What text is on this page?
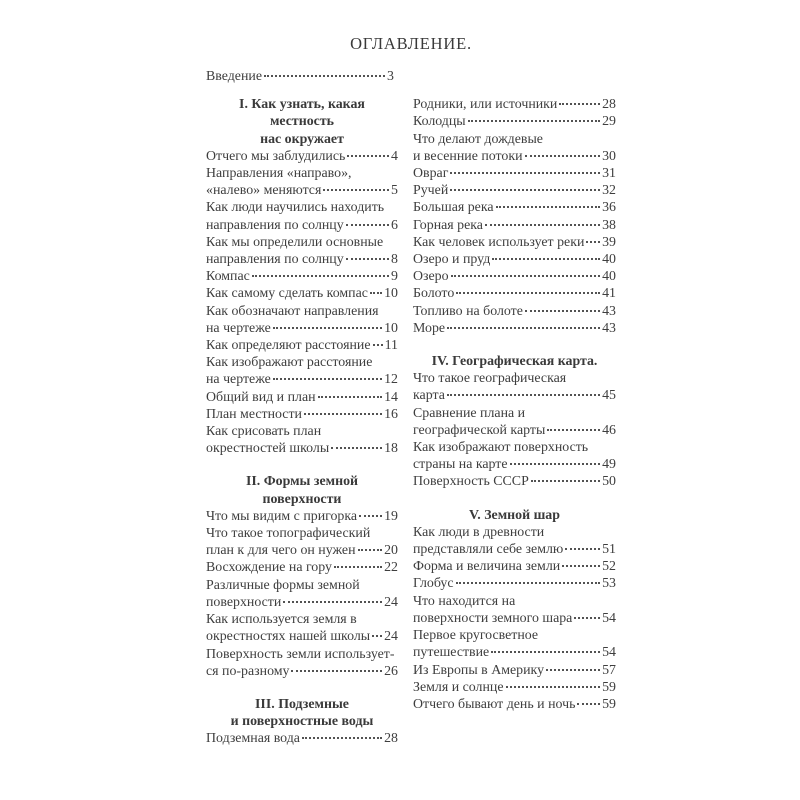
ОГЛАВЛЕНИЕ.
Введение	3
I. Как узнать, какая местность
нас окружает
Отчего мы заблудились	4
Направления «направо»,
«налево» меняются	5
Как люди научились находить
направления по солнцу	6
Как мы определили основные
направления по солнцу	8
Компас	9
Как самому сделать компас 10
Как обозначают направления
на чертеже	10
Как определяют расстояние 11
Как изображают расстояние
на чертеже	12
Общий вид и план	14
План местности	16
Как срисовать план
окрестностей школы	18
II. Формы земной поверхности
Что мы видим с пригорка 19
Что такое топографический
план к для чего он нужен 20
Восхождение на гору	22
Различные формы земной
поверхности	24
Как используется земля в
окрестностях нашей школы 24
Поверхность земли использует-
ся по-разному	26
III. Подземные
и поверхностные воды
Подземная вода	28
Родники, или источники	28
Колодцы	29
Что делают дождевые
и весенние потоки	30
Овраг	31
Ручей	32
Большая река	36
Горная река	38
Как человек использует реки 39
Озеро и пруд	40
Озеро	40
Болото	41
Топливо на болоте	43
Море	43
IV. Географическая карта.
Что такое географическая
карта	45
Сравнение плана и
географической карты	46
Как изображают поверхность
страны на карте	49
Поверхность СССР	50
V. Земной шар
Как люди в древности
представляли себе землю	51
Форма и величина земли	52
Глобус	53
Что находится на
поверхности земного шара 54
Первое кругосветное
путешествие	54
Из Европы в Америку	57
Земля и солнце	59
Отчего бывают день и ночь 59
